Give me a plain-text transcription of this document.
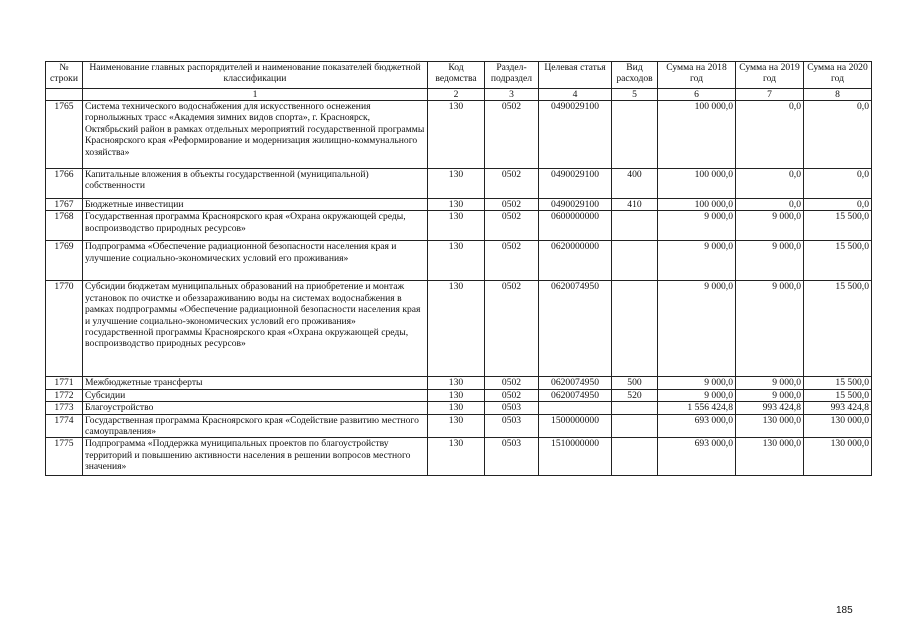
№ строки	Наименование главных распорядителей и наименование показателей бюджетной классификации	Код ведомства	Раздел-подраздел	Целевая статья	Вид расходов	Сумма на 2018 год	Сумма на 2019 год	Сумма на 2020 год
	1	2	3	4	5	6	7	8
1765	Система технического водоснабжения для искусственного оснежения горнолыжных трасс «Академия зимних видов спорта», г. Красноярск, Октябрьский район в рамках отдельных мероприятий государственной программы Красноярского края «Реформирование и модернизация жилищно-коммунального хозяйства»	130	0502	0490029100		100 000,0	0,0	0,0
1766	Капитальные вложения в объекты государственной (муниципальной) собственности	130	0502	0490029100	400	100 000,0	0,0	0,0
1767	Бюджетные инвестиции	130	0502	0490029100	410	100 000,0	0,0	0,0
1768	Государственная программа Красноярского края «Охрана окружающей среды, воспроизводство природных ресурсов»	130	0502	0600000000		9 000,0	9 000,0	15 500,0
1769	Подпрограмма «Обеспечение радиационной безопасности населения края и улучшение социально-экономических условий его проживания»	130	0502	0620000000		9 000,0	9 000,0	15 500,0
1770	Субсидии бюджетам муниципальных образований на приобретение и монтаж установок по очистке и обеззараживанию воды на системах водоснабжения в рамках подпрограммы «Обеспечение радиационной безопасности населения края и улучшение социально-экономических условий его проживания» государственной программы Красноярского края «Охрана окружающей среды, воспроизводство природных ресурсов»	130	0502	0620074950		9 000,0	9 000,0	15 500,0
1771	Межбюджетные трансферты	130	0502	0620074950	500	9 000,0	9 000,0	15 500,0
1772	Субсидии	130	0502	0620074950	520	9 000,0	9 000,0	15 500,0
1773	Благоустройство	130	0503			1 556 424,8	993 424,8	993 424,8
1774	Государственная программа Красноярского края «Содействие развитию местного самоуправления»	130	0503	1500000000		693 000,0	130 000,0	130 000,0
1775	Подпрограмма «Поддержка муниципальных проектов по благоустройству территорий и повышению активности населения в решении вопросов местного значения»	130	0503	1510000000		693 000,0	130 000,0	130 000,0
185
